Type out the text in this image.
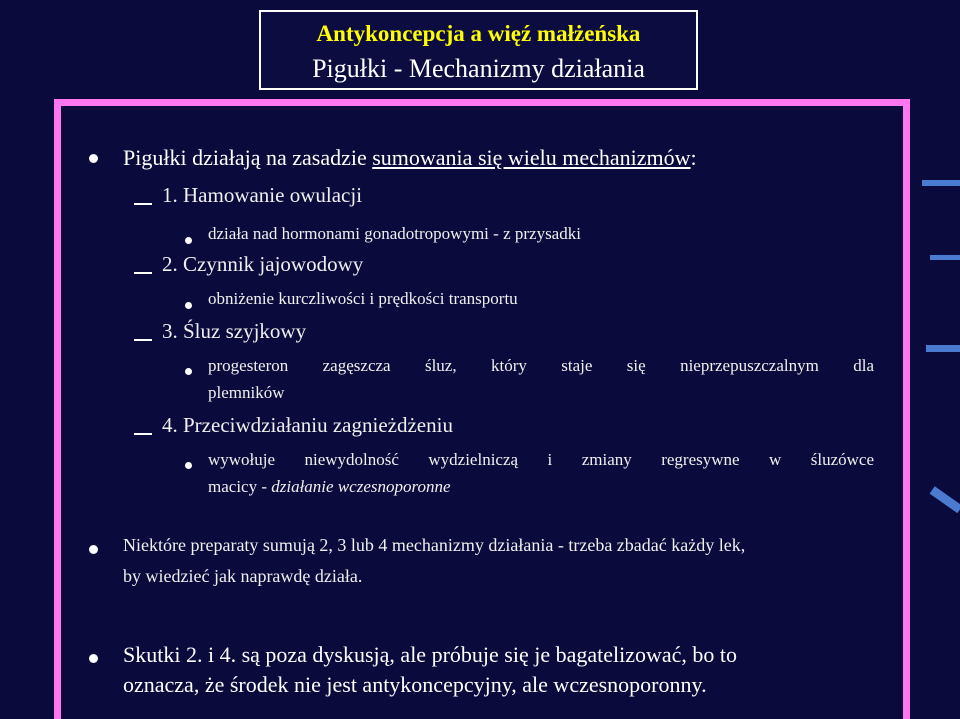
Antykoncepcja a więź małżeńska
Pigułki - Mechanizmy działania
Pigułki działają na zasadzie sumowania się wielu mechanizmów:
1. Hamowanie owulacji
działa nad hormonami gonadotropowymi - z przysadki
2. Czynnik jajowodowy
obniżenie kurczliwości i prędkości transportu
3. Śluz szyjkowy
progesteron zagęszcza śluz, który staje się nieprzepuszczalnym dla
plemników
4. Przeciwdziałaniu zagnieżdżeniu
wywołuje niewydolność wydzielniczą i zmiany regresywne w śluzówce
macicy - działanie wczesnoporonne
Niektóre preparaty sumują 2, 3 lub 4 mechanizmy działania - trzeba zbadać każdy lek,
by wiedzieć jak naprawdę działa.
Skutki 2. i 4. są poza dyskusją, ale próbuje się je bagatelizować, bo to
oznacza, że środek nie jest antykoncepcyjny, ale wczesnoporonny.
